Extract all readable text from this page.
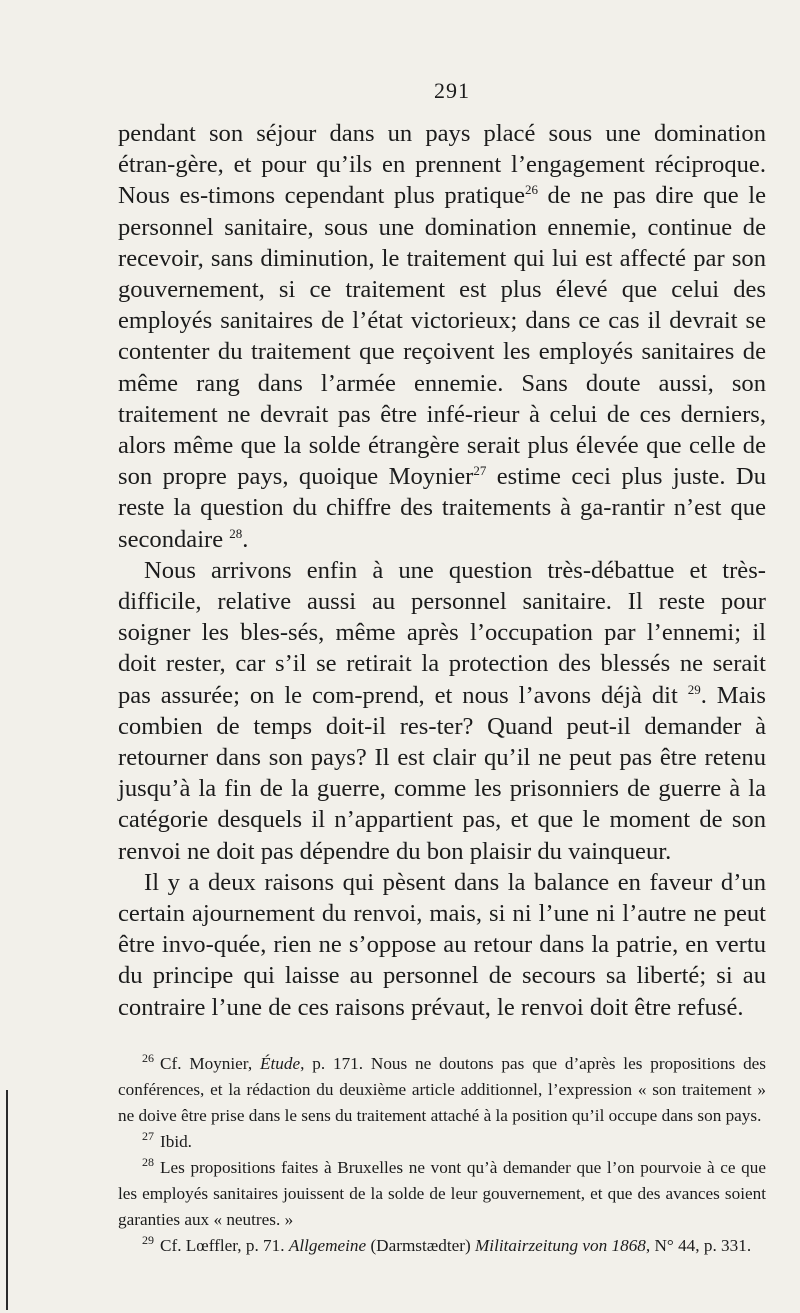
291

pendant son séjour dans un pays placé sous une domination étran-gère, et pour qu’ils en prennent l’engagement réciproque. Nous es-timons cependant plus pratique$^{26}$ de ne pas dire que le personnel sanitaire, sous une domination ennemie, continue de recevoir, sans diminution, le traitement qui lui est affecté par son gouvernement, si ce traitement est plus élevé que celui des employés sanitaires de l’état victorieux; dans ce cas il devrait se contenter du traitement que reçoivent les employés sanitaires de même rang dans l’armée ennemie. Sans doute aussi, son traitement ne devrait pas être infé-rieur à celui de ces derniers, alors même que la solde étrangère serait plus élevée que celle de son propre pays, quoique Moynier$^{27}$ estime ceci plus juste. Du reste la question du chiffre des traitements à ga-rantir n’est que secondaire $^{28}$.

Nous arrivons enfin à une question très-débattue et très-difficile, relative aussi au personnel sanitaire. Il reste pour soigner les bles-sés, même après l’occupation par l’ennemi; il doit rester, car s’il se retirait la protection des blessés ne serait pas assurée; on le com-prend, et nous l’avons déjà dit $^{29}$. Mais combien de temps doit-il res-ter? Quand peut-il demander à retourner dans son pays? Il est clair qu’il ne peut pas être retenu jusqu’à la fin de la guerre, comme les prisonniers de guerre à la catégorie desquels il n’appartient pas, et que le moment de son renvoi ne doit pas dépendre du bon plaisir du vainqueur.

Il y a deux raisons qui pèsent dans la balance en faveur d’un certain ajournement du renvoi, mais, si ni l’une ni l’autre ne peut être invo-quée, rien ne s’oppose au retour dans la patrie, en vertu du principe qui laisse au personnel de secours sa liberté; si au contraire l’une de ces raisons prévaut, le renvoi doit être refusé.

$^{26}$ Cf. Moynier, Étude, p. 171. Nous ne doutons pas que d’après les propositions des conférences, et la rédaction du deuxième article additionnel, l’expression « son traitement » ne doive être prise dans le sens du traitement attaché à la position qu’il occupe dans son pays.

$^{27}$ Ibid.

$^{28}$ Les propositions faites à Bruxelles ne vont qu’à demander que l’on pourvoie à ce que les employés sanitaires jouissent de la solde de leur gouvernement, et que des avances soient garanties aux « neutres. »

$^{29}$ Cf. Lœffler, p. 71. Allgemeine (Darmstædter) Militairzeitung von 1868, N° 44, p. 331.
